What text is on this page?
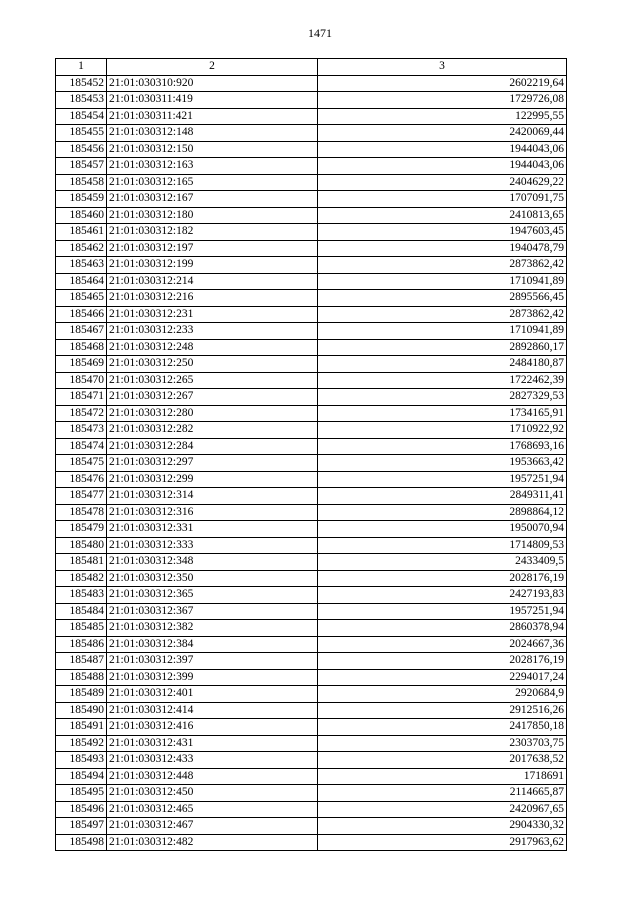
1471
1	2	3
185452	21:01:030310:920	2602219,64
185453	21:01:030311:419	1729726,08
185454	21:01:030311:421	122995,55
185455	21:01:030312:148	2420069,44
185456	21:01:030312:150	1944043,06
185457	21:01:030312:163	1944043,06
185458	21:01:030312:165	2404629,22
185459	21:01:030312:167	1707091,75
185460	21:01:030312:180	2410813,65
185461	21:01:030312:182	1947603,45
185462	21:01:030312:197	1940478,79
185463	21:01:030312:199	2873862,42
185464	21:01:030312:214	1710941,89
185465	21:01:030312:216	2895566,45
185466	21:01:030312:231	2873862,42
185467	21:01:030312:233	1710941,89
185468	21:01:030312:248	2892860,17
185469	21:01:030312:250	2484180,87
185470	21:01:030312:265	1722462,39
185471	21:01:030312:267	2827329,53
185472	21:01:030312:280	1734165,91
185473	21:01:030312:282	1710922,92
185474	21:01:030312:284	1768693,16
185475	21:01:030312:297	1953663,42
185476	21:01:030312:299	1957251,94
185477	21:01:030312:314	2849311,41
185478	21:01:030312:316	2898864,12
185479	21:01:030312:331	1950070,94
185480	21:01:030312:333	1714809,53
185481	21:01:030312:348	2433409,5
185482	21:01:030312:350	2028176,19
185483	21:01:030312:365	2427193,83
185484	21:01:030312:367	1957251,94
185485	21:01:030312:382	2860378,94
185486	21:01:030312:384	2024667,36
185487	21:01:030312:397	2028176,19
185488	21:01:030312:399	2294017,24
185489	21:01:030312:401	2920684,9
185490	21:01:030312:414	2912516,26
185491	21:01:030312:416	2417850,18
185492	21:01:030312:431	2303703,75
185493	21:01:030312:433	2017638,52
185494	21:01:030312:448	1718691
185495	21:01:030312:450	2114665,87
185496	21:01:030312:465	2420967,65
185497	21:01:030312:467	2904330,32
185498	21:01:030312:482	2917963,62
